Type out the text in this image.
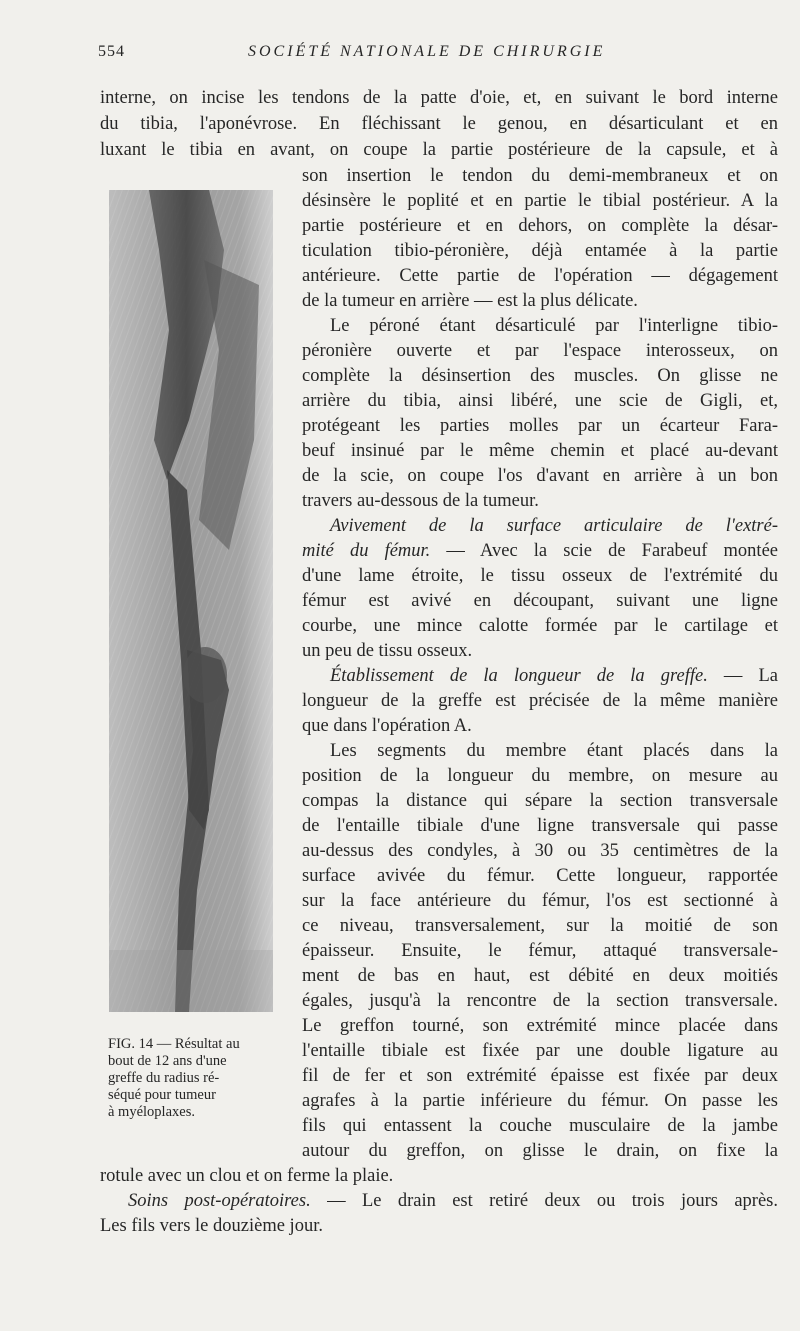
554	SOCIÉTÉ NATIONALE DE CHIRURGIE
interne, on incise les tendons de la patte d'oie, et, en suivant le bord interne
du tibia, l'aponévrose. En fléchissant le genou, en désarticulant et en
luxant le tibia en avant, on coupe la partie postérieure de la capsule, et à
son insertion le tendon du demi-membraneux et on
désinsère le poplité et en partie le tibial postérieur. A la
partie postérieure et en dehors, on complète la désar-
ticulation tibio-péronière, déjà entamée à la partie
antérieure. Cette partie de l'opération — dégagement
de la tumeur en arrière — est la plus délicate.
Le péroné étant désarticulé par l'interligne tibio-
péronière ouverte et par l'espace interosseux, on
complète la désinsertion des muscles. On glisse ne
arrière du tibia, ainsi libéré, une scie de Gigli, et,
protégeant les parties molles par un écarteur Fara-
beuf insinué par le même chemin et placé au-devant
de la scie, on coupe l'os d'avant en arrière à un bon
travers au-dessous de la tumeur.
Avivement de la surface articulaire de l'extré-
mité du fémur. — Avec la scie de Farabeuf montée
d'une lame étroite, le tissu osseux de l'extrémité du
fémur est avivé en découpant, suivant une ligne
courbe, une mince calotte formée par le cartilage et
un peu de tissu osseux.
Établissement de la longueur de la greffe. — La
longueur de la greffe est précisée de la même manière
que dans l'opération A.
Les segments du membre étant placés dans la
position de la longueur du membre, on mesure au
compas la distance qui sépare la section transversale
de l'entaille tibiale d'une ligne transversale qui passe
au-dessus des condyles, à 30 ou 35 centimètres de la
surface avivée du fémur. Cette longueur, rapportée
sur la face antérieure du fémur, l'os est sectionné à
ce niveau, transversalement, sur la moitié de son
épaisseur. Ensuite, le fémur, attaqué transversale-
ment de bas en haut, est débité en deux moitiés
égales, jusqu'à la rencontre de la section transversale.
Le greffon tourné, son extrémité mince placée dans
l'entaille tibiale est fixée par une double ligature au
fil de fer et son extrémité épaisse est fixée par deux
agrafes à la partie inférieure du fémur. On passe les
fils qui entassent la couche musculaire de la jambe
autour du greffon, on glisse le drain, on fixe la
rotule avec un clou et on ferme la plaie.
Soins post-opératoires. — Le drain est retiré deux ou trois jours après.
Les fils vers le douzième jour.
FIG. 14 — Résultat au
bout de 12 ans d'une
greffe du radius ré-
séqué pour tumeur
à myéloplaxes.
